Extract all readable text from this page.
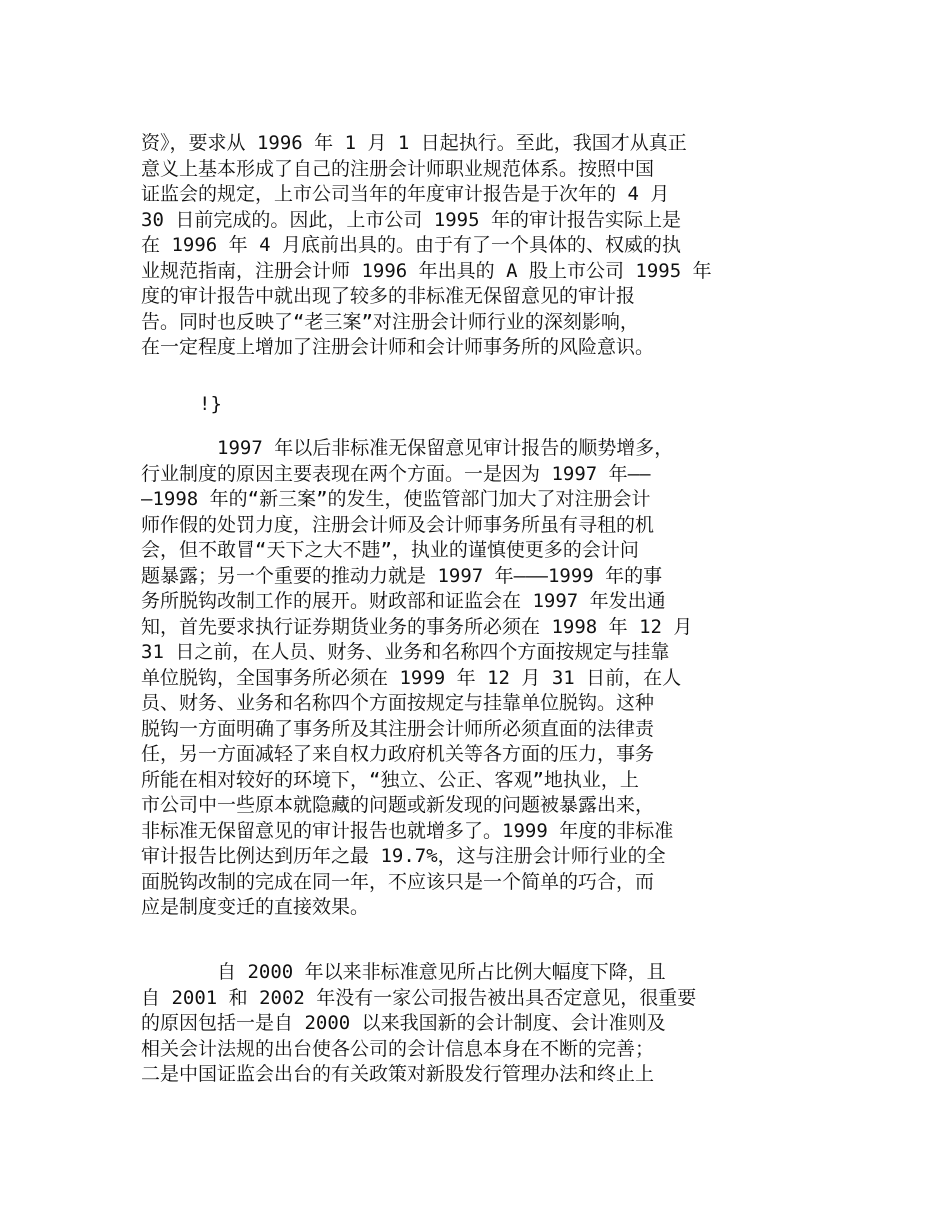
资》，要求从 1996 年 1 月 1 日起执行。至此，我国才从真正
意义上基本形成了自己的注册会计师职业规范体系。按照中国
证监会的规定，上市公司当年的年度审计报告是于次年的 4 月
30 日前完成的。因此，上市公司 1995 年的审计报告实际上是
在 1996 年 4 月底前出具的。由于有了一个具体的、权威的执
业规范指南，注册会计师 1996 年出具的 A 股上市公司 1995 年
度的审计报告中就出现了较多的非标准无保留意见的审计报
告。同时也反映了“老三案”对注册会计师行业的深刻影响，
在一定程度上增加了注册会计师和会计师事务所的风险意识。
!}
　　　　1997 年以后非标准无保留意见审计报告的顺势增多，
行业制度的原因主要表现在两个方面。一是因为 1997 年——
—1998 年的“新三案”的发生，使监管部门加大了对注册会计
师作假的处罚力度，注册会计师及会计师事务所虽有寻租的机
会，但不敢冒“天下之大不韪”，执业的谨慎使更多的会计问
题暴露；另一个重要的推动力就是 1997 年———1999 年的事
务所脱钩改制工作的展开。财政部和证监会在 1997 年发出通
知，首先要求执行证券期货业务的事务所必须在 1998 年 12 月
31 日之前，在人员、财务、业务和名称四个方面按规定与挂靠
单位脱钩，全国事务所必须在 1999 年 12 月 31 日前，在人
员、财务、业务和名称四个方面按规定与挂靠单位脱钩。这种
脱钩一方面明确了事务所及其注册会计师所必须直面的法律责
任，另一方面减轻了来自权力政府机关等各方面的压力，事务
所能在相对较好的环境下，“独立、公正、客观”地执业，上
市公司中一些原本就隐藏的问题或新发现的问题被暴露出来，
非标准无保留意见的审计报告也就增多了。1999 年度的非标准
审计报告比例达到历年之最 19.7%，这与注册会计师行业的全
面脱钩改制的完成在同一年，不应该只是一个简单的巧合，而
应是制度变迁的直接效果。
　　　　自 2000 年以来非标准意见所占比例大幅度下降，且
自 2001 和 2002 年没有一家公司报告被出具否定意见，很重要
的原因包括一是自 2000 以来我国新的会计制度、会计准则及
相关会计法规的出台使各公司的会计信息本身在不断的完善；
二是中国证监会出台的有关政策对新股发行管理办法和终止上
